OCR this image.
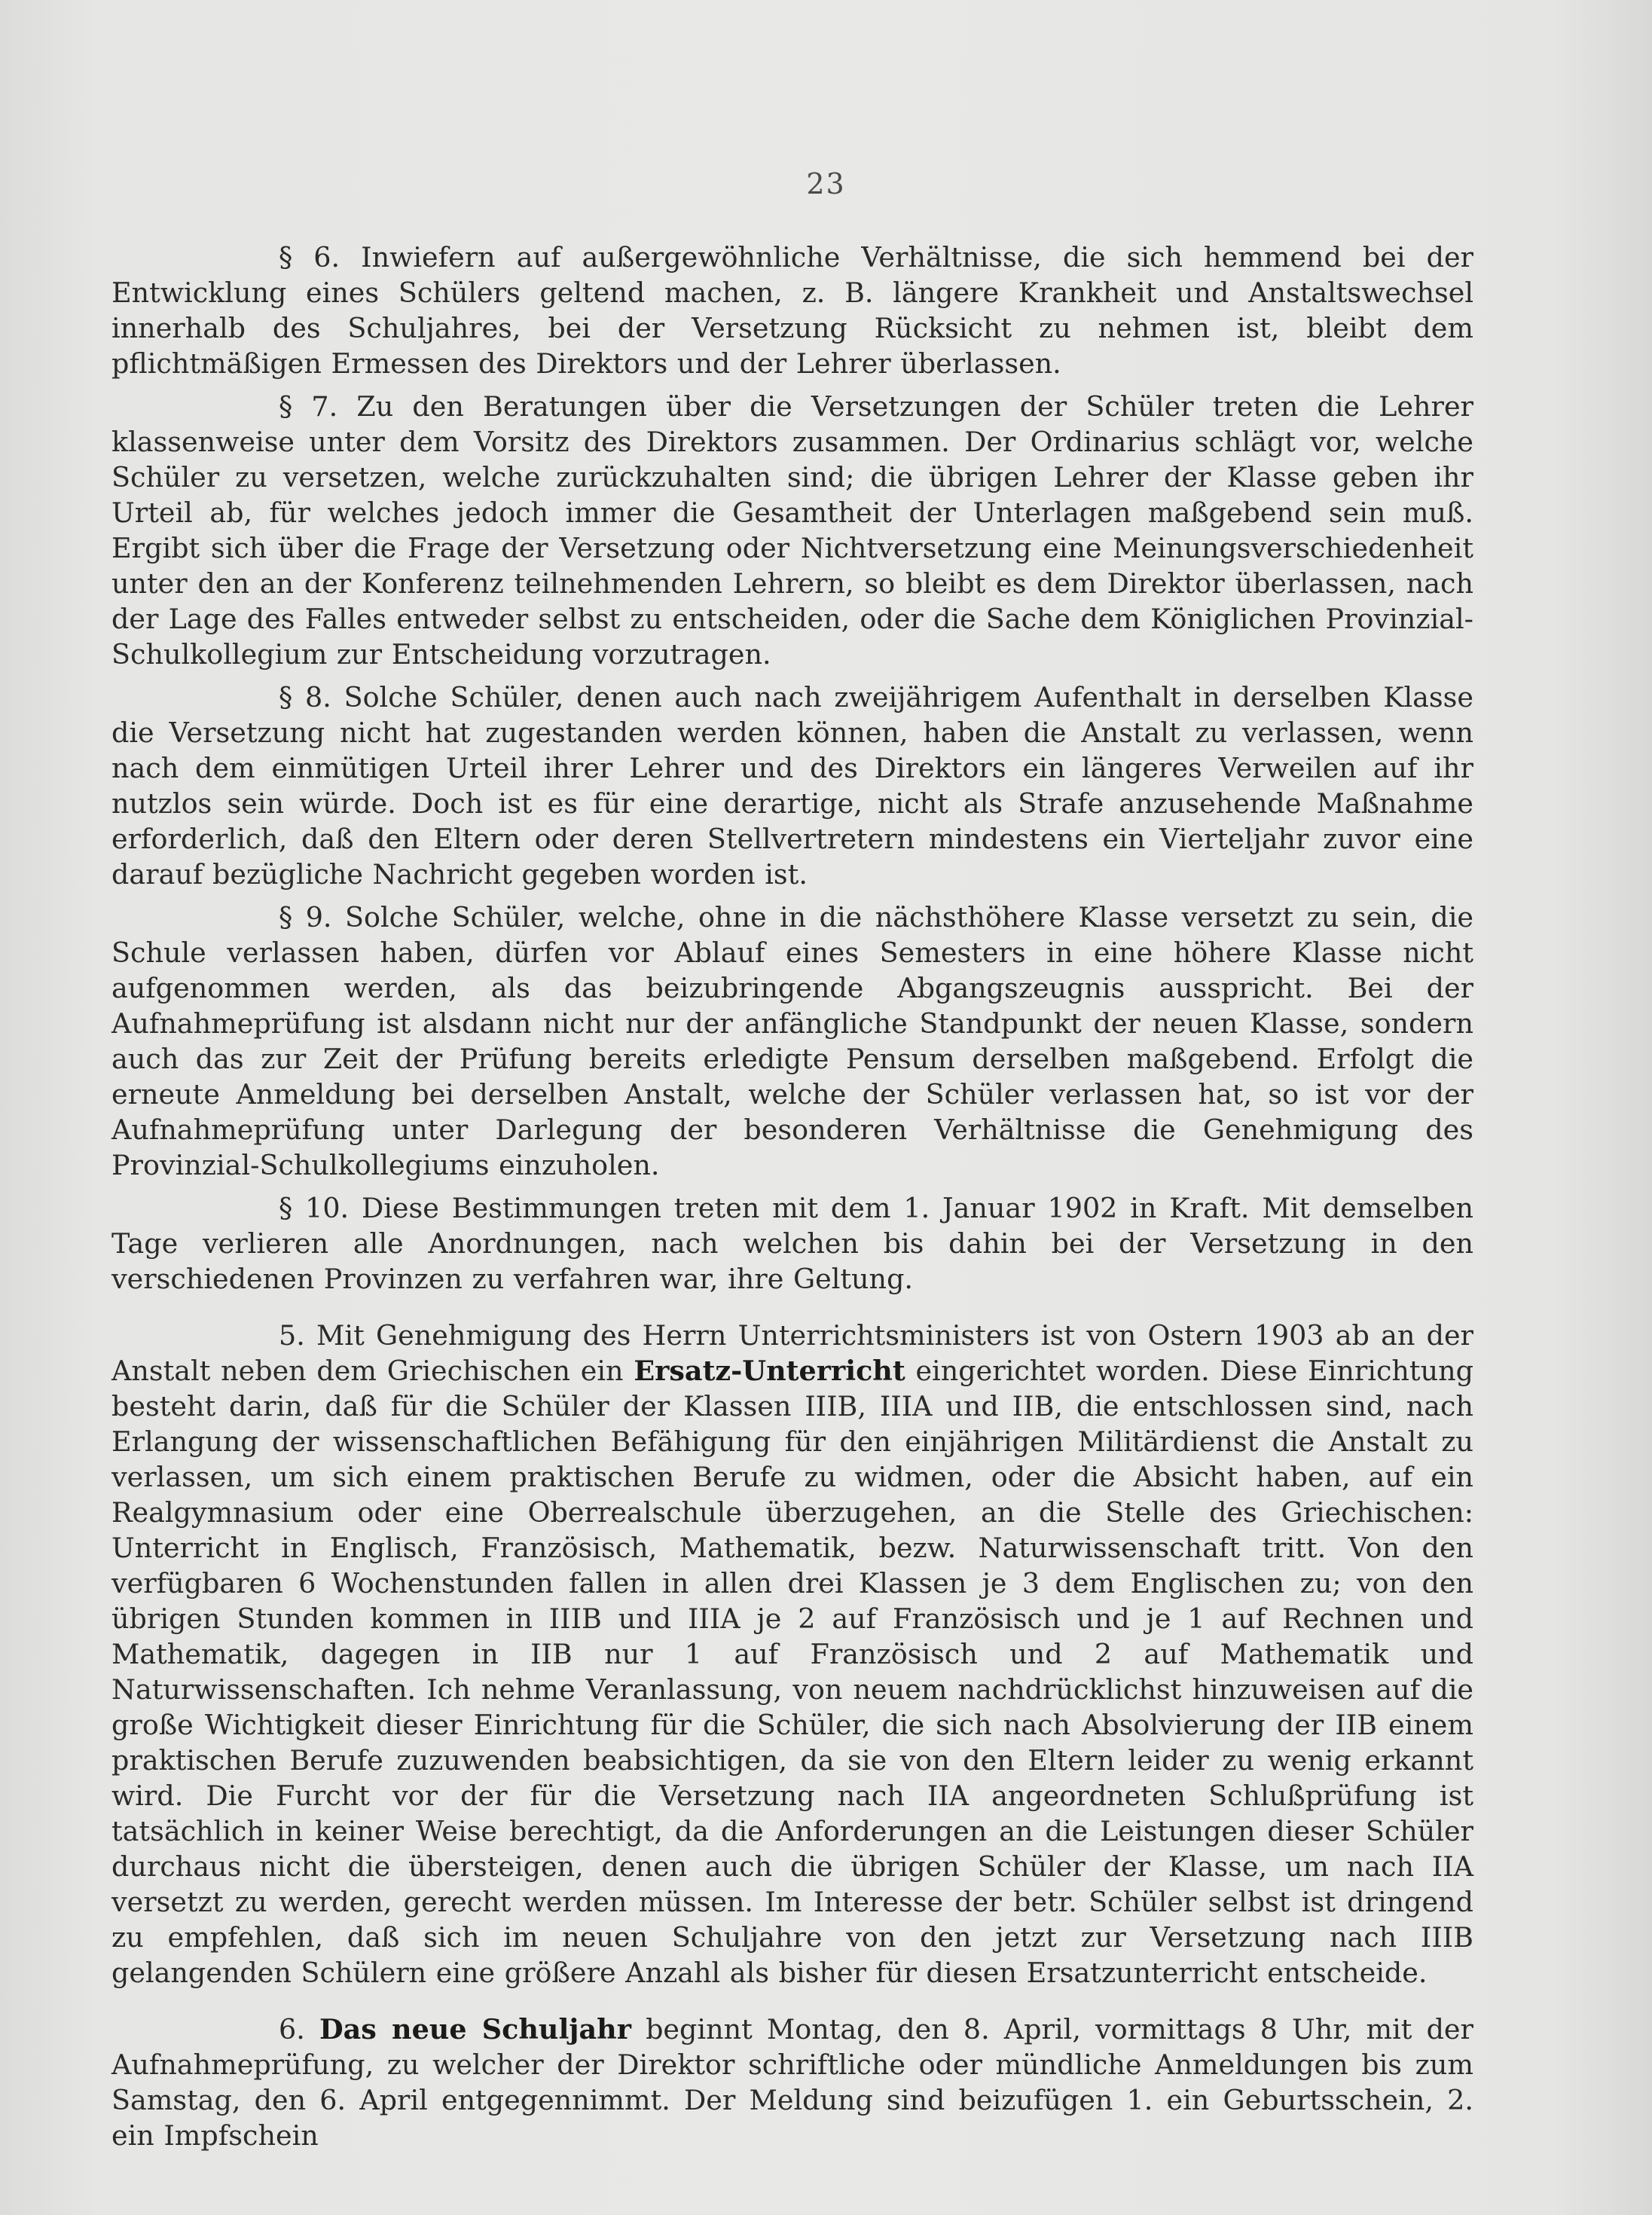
23

§ 6. Inwiefern auf außergewöhnliche Verhältnisse, die sich hemmend bei der Entwicklung eines Schülers geltend machen, z. B. längere Krankheit und Anstaltswechsel innerhalb des Schuljahres, bei der Versetzung Rücksicht zu nehmen ist, bleibt dem pflichtmäßigen Ermessen des Direktors und der Lehrer überlassen.

§ 7. Zu den Beratungen über die Versetzungen der Schüler treten die Lehrer klassenweise unter dem Vorsitz des Direktors zusammen. Der Ordinarius schlägt vor, welche Schüler zu versetzen, welche zurückzuhalten sind; die übrigen Lehrer der Klasse geben ihr Urteil ab, für welches jedoch immer die Gesamtheit der Unterlagen maßgebend sein muß. Ergibt sich über die Frage der Versetzung oder Nichtversetzung eine Meinungsverschiedenheit unter den an der Konferenz teilnehmenden Lehrern, so bleibt es dem Direktor überlassen, nach der Lage des Falles entweder selbst zu entscheiden, oder die Sache dem Königlichen Provinzial-Schulkollegium zur Entscheidung vorzutragen.

§ 8. Solche Schüler, denen auch nach zweijährigem Aufenthalt in derselben Klasse die Versetzung nicht hat zugestanden werden können, haben die Anstalt zu verlassen, wenn nach dem einmütigen Urteil ihrer Lehrer und des Direktors ein längeres Verweilen auf ihr nutzlos sein würde. Doch ist es für eine derartige, nicht als Strafe anzusehende Maßnahme erforderlich, daß den Eltern oder deren Stellvertretern mindestens ein Vierteljahr zuvor eine darauf bezügliche Nachricht gegeben worden ist.

§ 9. Solche Schüler, welche, ohne in die nächsthöhere Klasse versetzt zu sein, die Schule verlassen haben, dürfen vor Ablauf eines Semesters in eine höhere Klasse nicht aufgenommen werden, als das beizubringende Abgangszeugnis ausspricht. Bei der Aufnahmeprüfung ist alsdann nicht nur der anfängliche Standpunkt der neuen Klasse, sondern auch das zur Zeit der Prüfung bereits erledigte Pensum derselben maßgebend. Erfolgt die erneute Anmeldung bei derselben Anstalt, welche der Schüler verlassen hat, so ist vor der Aufnahmeprüfung unter Darlegung der besonderen Verhältnisse die Genehmigung des Provinzial-Schulkollegiums einzuholen.

§ 10. Diese Bestimmungen treten mit dem 1. Januar 1902 in Kraft. Mit demselben Tage verlieren alle Anordnungen, nach welchen bis dahin bei der Versetzung in den verschiedenen Provinzen zu verfahren war, ihre Geltung.

5. Mit Genehmigung des Herrn Unterrichtsministers ist von Ostern 1903 ab an der Anstalt neben dem Griechischen ein Ersatz-Unterricht eingerichtet worden. Diese Einrichtung besteht darin, daß für die Schüler der Klassen IIIB, IIIA und IIB, die entschlossen sind, nach Erlangung der wissenschaftlichen Befähigung für den einjährigen Militärdienst die Anstalt zu verlassen, um sich einem praktischen Berufe zu widmen, oder die Absicht haben, auf ein Realgymnasium oder eine Oberrealschule überzugehen, an die Stelle des Griechischen: Unterricht in Englisch, Französisch, Mathematik, bezw. Naturwissenschaft tritt. Von den verfügbaren 6 Wochenstunden fallen in allen drei Klassen je 3 dem Englischen zu; von den übrigen Stunden kommen in IIIB und IIIA je 2 auf Französisch und je 1 auf Rechnen und Mathematik, dagegen in IIB nur 1 auf Französisch und 2 auf Mathematik und Naturwissenschaften. Ich nehme Veranlassung, von neuem nachdrücklichst hinzuweisen auf die große Wichtigkeit dieser Einrichtung für die Schüler, die sich nach Absolvierung der IIB einem praktischen Berufe zuzuwenden beabsichtigen, da sie von den Eltern leider zu wenig erkannt wird. Die Furcht vor der für die Versetzung nach IIA angeordneten Schlußprüfung ist tatsächlich in keiner Weise berechtigt, da die Anforderungen an die Leistungen dieser Schüler durchaus nicht die übersteigen, denen auch die übrigen Schüler der Klasse, um nach IIA versetzt zu werden, gerecht werden müssen. Im Interesse der betr. Schüler selbst ist dringend zu empfehlen, daß sich im neuen Schuljahre von den jetzt zur Versetzung nach IIIB gelangenden Schülern eine größere Anzahl als bisher für diesen Ersatzunterricht entscheide.

6. Das neue Schuljahr beginnt Montag, den 8. April, vormittags 8 Uhr, mit der Aufnahmeprüfung, zu welcher der Direktor schriftliche oder mündliche Anmeldungen bis zum Samstag, den 6. April entgegennimmt. Der Meldung sind beizufügen 1. ein Geburtsschein, 2. ein Impfschein
